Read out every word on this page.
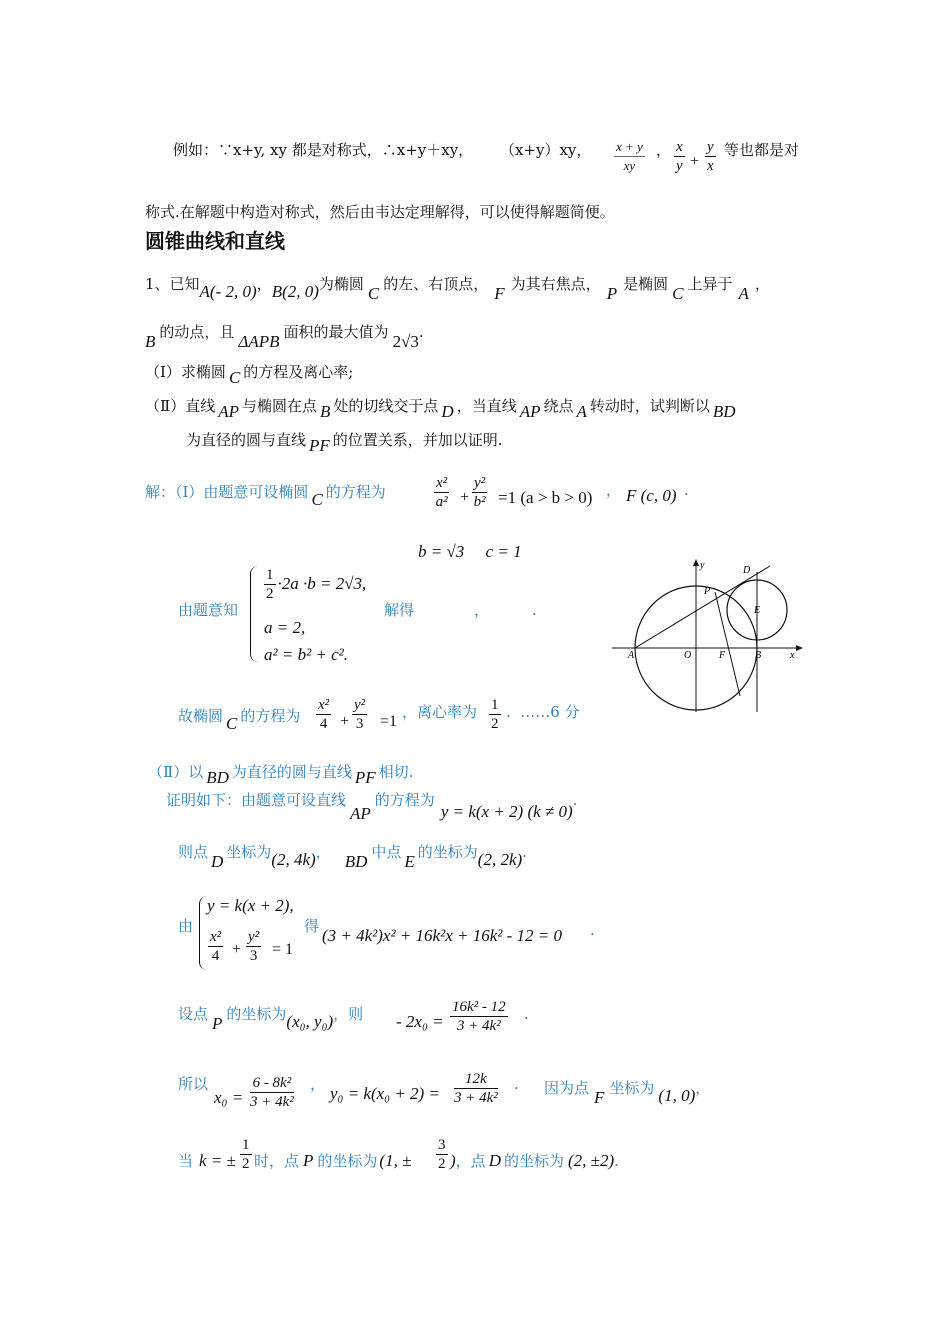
例如：∵x+y, xy 都是对称式，∴x+y＋xy， （x+y）xy， $\frac{x + y}{xy}$ ， $\frac{x}{y} + \frac{y}{x}$ 等也都是对
称式.在解题中构造对称式，然后由韦达定理解得，可以使得解题简便。
圆锥曲线和直线
1、已知A(- 2, 0)，B(2, 0)为椭圆 C 的左、右顶点， F 为其右焦点， P 是椭圆 C 上异于 A ，
B 的动点，且 ΔAPB 面积的最大值为 2√3.
（Ⅰ）求椭圆 C 的方程及离心率;
（Ⅱ）直线 AP 与椭圆在点 B 处的切线交于点 D ，当直线 AP 绕点 A 转动时，试判断以 BD
为直径的圆与直线 PF 的位置关系，并加以证明.
解：（Ⅰ）由题意可设椭圆 C 的方程为	$\frac{\text{x²}}{\text{a²}} + \frac{\text{y²}}{\text{b²}} =1$ (a > b > 0) ， F (c, 0) .
b = √3     c = 1
由题意知
$\frac{1}{2} \cdot 2a \cdot b = 2√3$,
a = 2,
a² = b² + c².
解得	，	.
故椭圆 C 的方程为 $\frac{\text{x²}}{4} + \frac{\text{y²}}{3} =1$
，离心率为 $\frac{1}{2}$ .  ……6 分
（Ⅱ）以 BD 为直径的圆与直线 PF 相切.
证明如下：由题意可设直线AP的方程为y = k(x + 2) (k ≠ 0).
则点 D 坐标为(2, 4k)， BD 中点 E 的坐标为(2, 2k).
由
y = k(x + 2),
$\frac{\text{x²}}{4} + \frac{\text{y²}}{3} = 1$
得 (3 + 4k²)x² + 16k²x + 16k² - 12 = 0 .
设点 P 的坐标为(x₀, y₀)，则 - $2x_0 = \frac{\text{16k² - 12}}{\text{3 + 4k²}}$ .
所以
$x_0 = \frac{\text{6 - 8k²}}{\text{3 + 4k²}}$ ， $y_0 = k(x_0 + 2) = \frac{12k}{\text{3 + 4k²}}$ . 因为点 F 坐标为 (1, 0)，
当 k = ± $\frac{1}{2}$ 时，点 P 的坐标为 (1, ± $\frac{3}{2}$ )，点 D 的坐标为 (2, ±2).
y
x
D
P
E
A	O	F	B
